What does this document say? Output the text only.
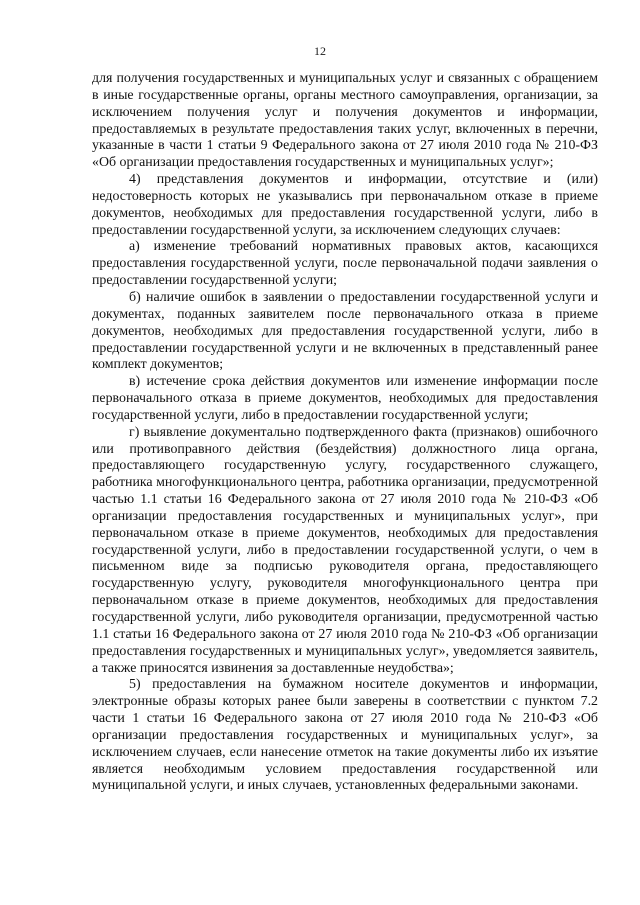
12

для получения государственных и муниципальных услуг и связанных с обращением в иные государственные органы, органы местного самоуправления, организации, за исключением получения услуг и получения документов и информации, предоставляемых в результате предоставления таких услуг, включенных в перечни, указанные в части 1 статьи 9 Федерального закона от 27 июля 2010 года № 210-ФЗ «Об организации предоставления государственных и муниципальных услуг»;

4) представления документов и информации, отсутствие и (или) недостоверность которых не указывались при первоначальном отказе в приеме документов, необходимых для предоставления государственной услуги, либо в предоставлении государственной услуги, за исключением следующих случаев:

а) изменение требований нормативных правовых актов, касающихся предоставления государственной услуги, после первоначальной подачи заявления о предоставлении государственной услуги;

б) наличие ошибок в заявлении о предоставлении государственной услуги и документах, поданных заявителем после первоначального отказа в приеме документов, необходимых для предоставления государственной услуги, либо в предоставлении государственной услуги и не включенных в представленный ранее комплект документов;

в) истечение срока действия документов или изменение информации после первоначального отказа в приеме документов, необходимых для предоставления государственной услуги, либо в предоставлении государственной услуги;

г) выявление документально подтвержденного факта (признаков) ошибочного или противоправного действия (бездействия) должностного лица органа, предоставляющего государственную услугу, государственного служащего, работника многофункционального центра, работника организации, предусмотренной частью 1.1 статьи 16 Федерального закона от 27 июля 2010 года № 210-ФЗ «Об организации предоставления государственных и муниципальных услуг», при первоначальном отказе в приеме документов, необходимых для предоставления государственной услуги, либо в предоставлении государственной услуги, о чем в письменном виде за подписью руководителя органа, предоставляющего государственную услугу, руководителя многофункционального центра при первоначальном отказе в приеме документов, необходимых для предоставления государственной услуги, либо руководителя организации, предусмотренной частью 1.1 статьи 16 Федерального закона от 27 июля 2010 года № 210-ФЗ «Об организации предоставления государственных и муниципальных услуг», уведомляется заявитель, а также приносятся извинения за доставленные неудобства»;

5) предоставления на бумажном носителе документов и информации, электронные образы которых ранее были заверены в соответствии с пунктом 7.2 части 1 статьи 16 Федерального закона от 27 июля 2010 года № 210-ФЗ «Об организации предоставления государственных и муниципальных услуг», за исключением случаев, если нанесение отметок на такие документы либо их изъятие является необходимым условием предоставления государственной или муниципальной услуги, и иных случаев, установленных федеральными законами.
